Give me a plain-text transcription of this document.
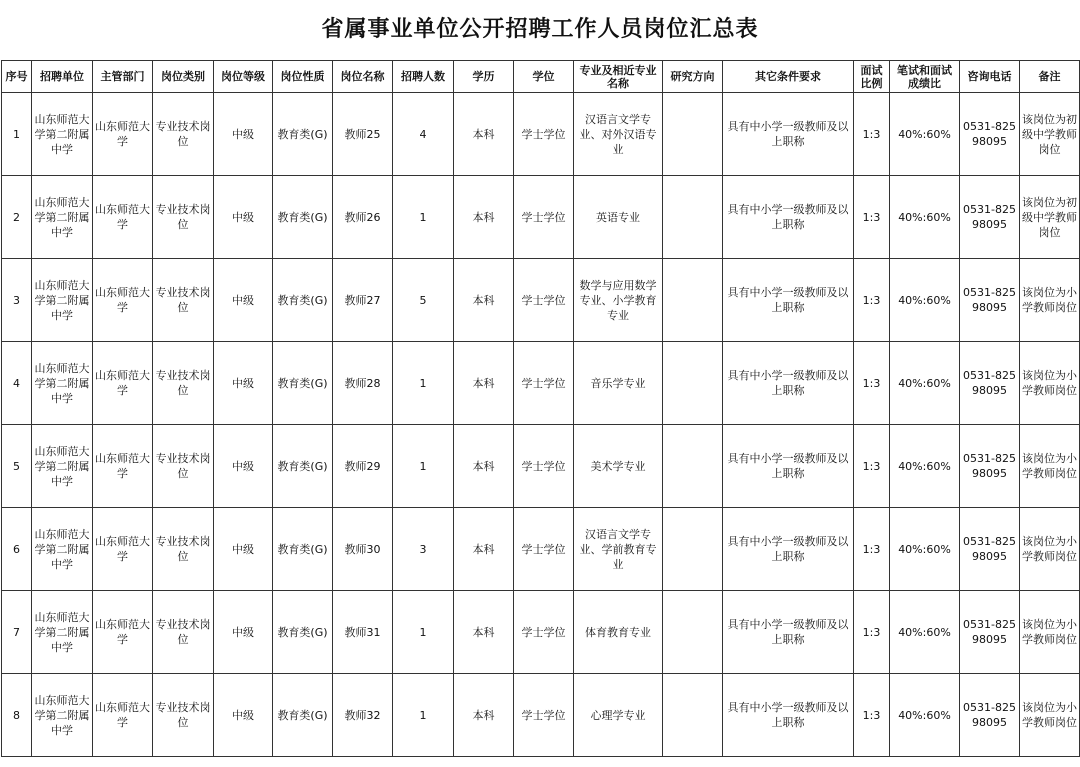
省属事业单位公开招聘工作人员岗位汇总表
序号	招聘单位	主管部门	岗位类别	岗位等级	岗位性质	岗位名称	招聘人数	学历	学位	专业及相近专业名称	研究方向	其它条件要求	面试比例	笔试和面试成绩比	咨询电话	备注
1	山东师范大学第二附属中学	山东师范大学	专业技术岗位	中级	教育类(G)	教师25	4	本科	学士学位	汉语言文学专业、对外汉语专业		具有中小学一级教师及以上职称	1:3	40%:60%	0531-82598095	该岗位为初级中学教师岗位
2	山东师范大学第二附属中学	山东师范大学	专业技术岗位	中级	教育类(G)	教师26	1	本科	学士学位	英语专业		具有中小学一级教师及以上职称	1:3	40%:60%	0531-82598095	该岗位为初级中学教师岗位
3	山东师范大学第二附属中学	山东师范大学	专业技术岗位	中级	教育类(G)	教师27	5	本科	学士学位	数学与应用数学专业、小学教育专业		具有中小学一级教师及以上职称	1:3	40%:60%	0531-82598095	该岗位为小学教师岗位
4	山东师范大学第二附属中学	山东师范大学	专业技术岗位	中级	教育类(G)	教师28	1	本科	学士学位	音乐学专业		具有中小学一级教师及以上职称	1:3	40%:60%	0531-82598095	该岗位为小学教师岗位
5	山东师范大学第二附属中学	山东师范大学	专业技术岗位	中级	教育类(G)	教师29	1	本科	学士学位	美术学专业		具有中小学一级教师及以上职称	1:3	40%:60%	0531-82598095	该岗位为小学教师岗位
6	山东师范大学第二附属中学	山东师范大学	专业技术岗位	中级	教育类(G)	教师30	3	本科	学士学位	汉语言文学专业、学前教育专业		具有中小学一级教师及以上职称	1:3	40%:60%	0531-82598095	该岗位为小学教师岗位
7	山东师范大学第二附属中学	山东师范大学	专业技术岗位	中级	教育类(G)	教师31	1	本科	学士学位	体育教育专业		具有中小学一级教师及以上职称	1:3	40%:60%	0531-82598095	该岗位为小学教师岗位
8	山东师范大学第二附属中学	山东师范大学	专业技术岗位	中级	教育类(G)	教师32	1	本科	学士学位	心理学专业		具有中小学一级教师及以上职称	1:3	40%:60%	0531-82598095	该岗位为小学教师岗位
